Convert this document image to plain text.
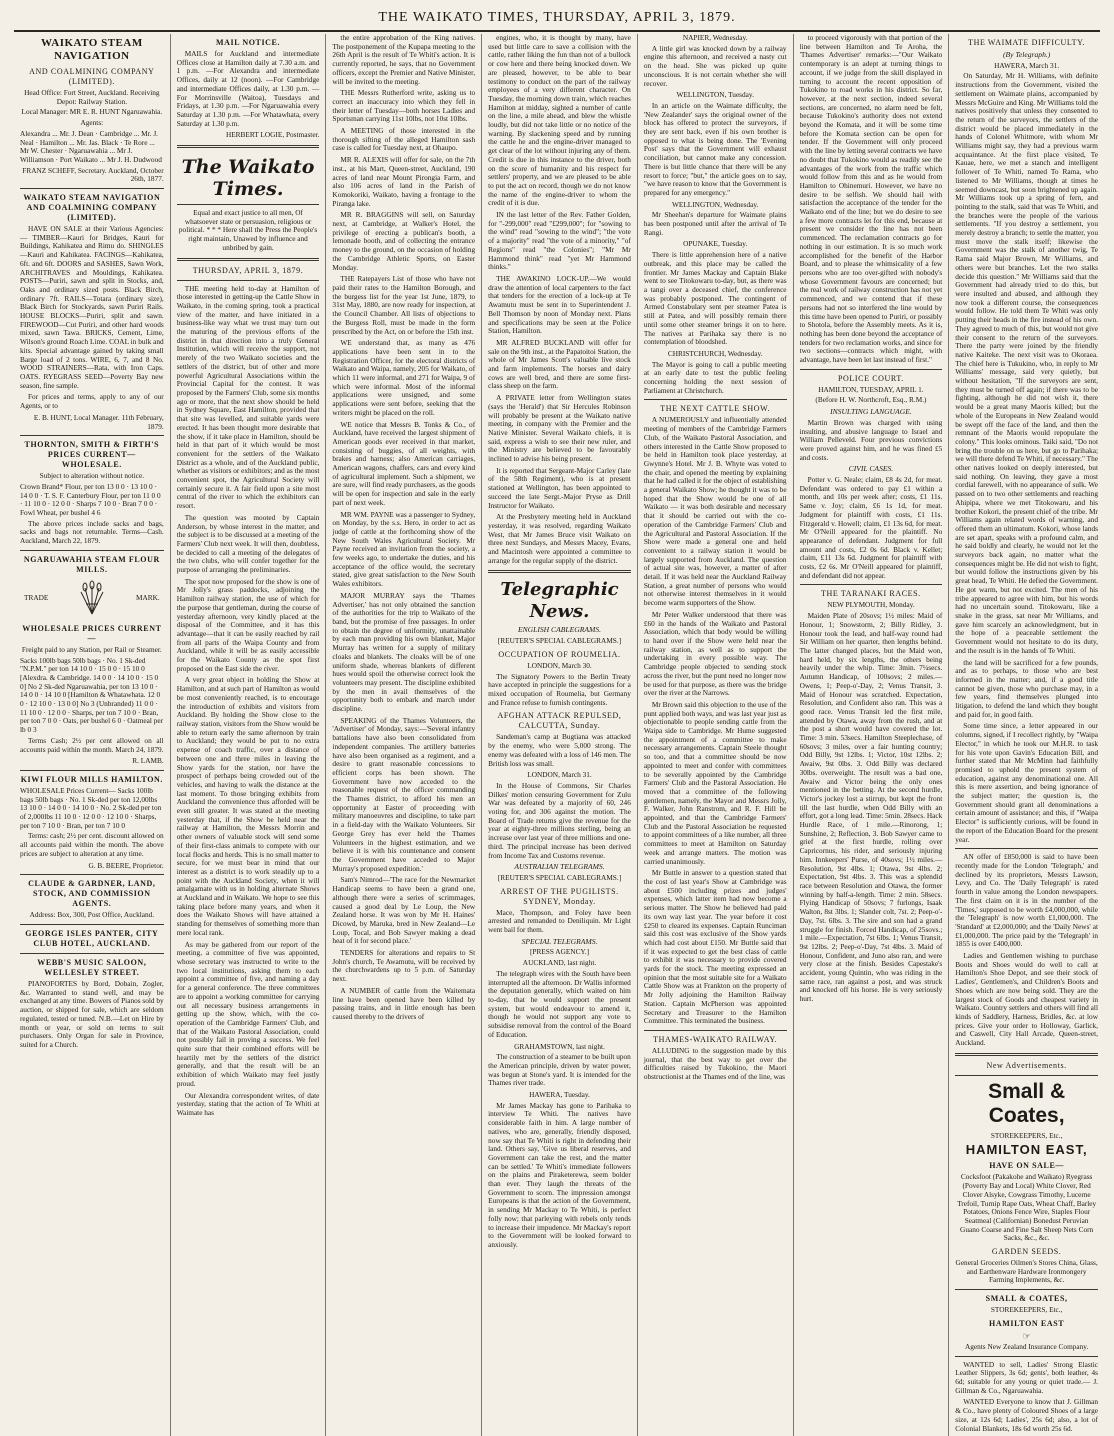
THE WAIKATO TIMES, THURSDAY, APRIL 3, 1879.
WAIKATO STEAM NAVIGATION
AND COALMINING COMPANY (LIMITED).
Head Office: Fort Street, Auckland. Receiving Depot: Railway Station.
Local Manager: MR E. R. HUNT Ngaruawahia.
Agents:
Alexandra ... Mr. J. Dean · Cambridge ... Mr. J. Neal · Hamilton ... Mr. Jas. Black · Te Rore ... Mr W. Chester · Ngaruawahia ... Mr J. Williamson · Port Waikato ... Mr J. H. Dudwood
FRANZ SCHEFF, Secretary. Auckland, October 26th, 1877.
WAIKATO STEAM NAVIGATION AND COALMINING COMPANY (LIMITED).
HAVE ON SALE at their Various Agencies:— TIMBER—Kauri for Bridges, Kauri for Buildings, Kahikatea and Rimu do. SHINGLES—Kauri and Kahikatea. FACINGS—Kahikatea, 6ft. and 6ft. DOORS and SASHES, Sawn Work, ARCHITRAVES and Mouldings, Kahikatea. POSTS—Puriri, sawn and split in Stocks, and, Oaks and ordinary sized posts. Black Birch, ordinary 7ft. RAILS—Totara (ordinary size), Black Birch for Stockyards, sawn Puriri Rails. HOUSE BLOCKS—Puriri, split and sawn. FIREWOOD—Cut Puriri, and other hard woods mixed, sawn Tawa. BRICKS, Cement, Lime, Wilson's ground Roach Lime. COAL in bulk and kits. Special advantage gained by taking small Barge load of 2 tons. WIRE, 6, 7, and 8 No. WOOD STRAINERS—Rata, with Iron Caps. OATS. RYEGRASS SEED—Poverty Bay new season, fine sample.
For prices and terms, apply to any of our Agents, or to
E. B. HUNT, Local Manager. 11th February, 1879.
THORNTON, SMITH & FIRTH'S PRICES CURRENT—WHOLESALE.
Subject to alteration without notice.
Crown Brand* Flour, per ton 13 0 0 · 13 10 0 · 14 0 0 · T. S. F. Canterbury Flour, per ton 11 0 0 · 11 10 0 · 12 0 0 · Sharps 7 10 0 · Bran 7 0 0 · Fowl Wheat, per bushel 4 6
The above prices include sacks and bags, sacks and bags not returnable. Terms—Cash. Auckland, March 22, 1879.
NGARUAWAHIA STEAM FLOUR MILLS.
TRADE	MARK.
WHOLESALE PRICES CURRENT—
Freight paid to any Station, per Rail or Steamer.
Sacks 100lb bags 50lb bags · No. 1 Sk-ded "N.P.M." per ton 14 10 0 · 15 0 0 · 15 10 0 [Alexdra. & Cambridge. 14 0 0 · 14 10 0 · 15 0 0] No 2 Sk-ded Ngaruawahia, per ton 13 10 0 · 14 0 0 · 14 10 0 [Hamilton & Whatawhata. 12 0 0 · 12 10 0 · 13 0 0] No 3 (Unbranded) 11 0 0 · 11 10 0 · 12 0 0 · Sharps, per ton 7 10 0 · Bran, per ton 7 0 0 · Oats, per bushel 6 0 · Oatmeal per lb 0 3
Terms Cash; 2½ per cent allowed on all accounts paid within the month. March 24, 1879.
R. LAMB.
KIWI FLOUR MILLS HAMILTON.
WHOLESALE Prices Current— Sacks 100lb bags 50lb bags · No. 1 Sk-ded per ton 12,00lbs 13 10 0 · 14 0 0 · 14 10 0 · No. 2 Sk-ded per ton of 2,000lbs 11 10 0 · 12 0 0 · 12 10 0 · Sharps, per ton 7 10 0 · Bran, per ton 7 10 0
Terms: cash; 2½ per cent. discount allowed on all accounts paid within the month. The above prices are subject to alteration at any time.
G. B. BEERE, Proprietor.
CLAUDE & GARDNER, LAND, STOCK, AND COMMISSION AGENTS.
Address: Box, 300, Post Office, Auckland.
GEORGE ISLES PANTER, CITY CLUB HOTEL, AUCKLAND.
WEBB'S MUSIC SALOON, WELLESLEY STREET.
PIANOFORTES by Bord, Dobain, Zogler, &c. Warranted to stand well, and may be exchanged at any time. Bowers of Pianos sold by auction, or shipped for sale, which are seldom regulated, tested or tuned. N.B.—Let on Hire by month or year, or sold on terms to suit purchasers. Only Organ for sale in Province, suited for a Church.
MAIL NOTICE.
MAILS for Auckland and intermediate Offices close at Hamilton daily at 7.30 a.m. and 1 p.m. —For Alexandra and intermediate Offices, daily at 12 (noon). —For Cambridge and intermediate Offices daily, at 1.30 p.m. —For Morrinsville (Waitoa), Tuesdays and Fridays, at 1.30 p.m. —For Ngaruawahia every Saturday at 1.30 p.m. —For Whatawhata, every Saturday at 1.30 p.m.
HERBERT LOGIE, Postmaster.
The Waikato Times.
Equal and exact justice to all men, Of whatsoever state or persuasion, religious or political. * * * Here shall the Press the People's right maintain, Unawed by influence and unbribed by gain.
THURSDAY, APRIL 3, 1879.
THE meeting held to-day at Hamilton of those interested in getting-up the Cattle Show in Waikato, in the coming spring, took a practical view of the matter, and have initiated in a business-like way what we trust may turn out the maturing of the previous efforts of the district in that direction into a truly General Institution, which will receive the support, not merely of the two Waikato societies and the settlers of the district, but of other and more powerful Agricultural Associations within the Provincial Capital for the contest. It was proposed by the Farmers' Club, some six months ago or more, that the next show should be held in Sydney Square, East Hamilton, provided that that site was levelled, and suitable yards were erected. It has been thought more desirable that the show, if it take place in Hamilton, should be held in that part of it which would be most convenient for the settlers of the Waikato District as a whole, and of the Auckland public, whether as visitors or exhibitors; and as the most convenient spot, the Agricultural Society will certainly secure it. A fair field upon a site most central of the river to which the exhibitors can resort.
The question was mooted by Captain Anderson, by whose interest in the matter, and the subject is to be discussed at a meeting of the Farmers' Club next week. It will then, doubtless, be decided to call a meeting of the delegates of the two clubs, who will confer together for the purpose of arranging the preliminaries.
The spot now proposed for the show is one of Mr Jolly's grass paddocks, adjoining the Hamilton railway station, the use of which for the purpose that gentleman, during the course of yesterday afternoon, very kindly placed at the disposal of the Committee, and it has this advantage—that it can be easily reached by rail from all parts of the Waipa County and from Auckland, while it will be as easily accessible for the Waikato County as the spot first proposed on the East side the river.
A very great object in holding the Show at Hamilton, and at such part of Hamilton as would be most conveniently reached, is to encourage the introduction of exhibits and visitors from Auckland. By holding the Show close to the railway station, visitors from the Show would be able to return early the same afternoon by train to Auckland; they would be put to no extra expense of coach traffic, over a distance of between one and three miles in leaving the Show yards for the station, nor have the prospect of perhaps being crowded out of the vehicles, and having to walk the distance at the last moment. To those bringing exhibits from Auckland the convenience thus afforded will be even still greater. It was stated at the meeting yesterday that, if the Show be held near the railway at Hamilton, the Messrs Morrin and other owners of valuable stock will send some of their first-class animals to compete with our local flocks and herds. This is no small matter to secure, for we must bear in mind that our interest as a district is to work steadily up to a point with the Auckland Society, when it will amalgamate with us in holding alternate Shows at Auckland and in Waikato. We hope to see this taking place before many years, and when it does the Waikato Shows will have attained a standing for themselves of something more than mere local rank.
As may be gathered from our report of the meeting, a committee of five was appointed, whose secretary was instructed to write to the two local institutions, asking them to each appoint a committee of five, and naming a day for a general conference. The three committees are to appoint a working committee for carrying out all necessary business arrangements in getting up the show, which, with the co-operation of the Cambridge Farmers' Club, and that of the Waikato Pastoral Association, could not possibly fail in proving a success. We feel quite sure that their combined efforts will be heartily met by the settlers of the district generally, and that the result will be an exhibition of which Waikato may feel justly proud.
Our Alexandra correspondent writes, of date yesterday, stating that the action of Te Whiti at Waimate has
the entire approbation of the King natives. The postponement of the Kupapa meeting to the 26th April is the result of Te Whiti's action. It is currently reported, he says, that no Government officers, except the Premier and Native Minister, will be invited to the meeting.
THE Messrs Rutherford write, asking us to correct an inaccuracy into which they fell in their letter of Tuesday—both horses Ladies and Sportsman carrying 11st 10lbs, not 10st 10lbs.
A MEETING of those interested in the thorough sifting of the alleged Hamilton sash case is called for Tuesday next, at Ohaupo.
MR R. ALEXIS will offer for sale, on the 7th inst., at his Mart, Queen-street, Auckland, 190 acres of land near Mount Pirongia Farm, and also 106 acres of land in the Parish of Komokoriki, Waikato, having a frontage to the Piranga lake.
MR R. BRAGGINS will sell, on Saturday next, at Cambridge, at Walker's Hotel, the privilege of erecting a publican's booth, a lemonade booth, and of collecting the entrance money to the ground, on the occasion of holding the Cambridge Athletic Sports, on Easter Monday.
THE Ratepayers List of those who have not paid their rates to the Hamilton Borough, and the burgess list for the year 1st June, 1879, to 31st May, 1880, are now ready for inspection, at the Council Chamber. All lists of objections to the Burgess Roll, must be made in the form prescribed by the Act, on or before the 15th inst.
WE understand that, as many as 476 applications have been sent in to the Registration Officer, for the electoral districts of Waikato and Waipa, namely, 205 for Waikato, of which 11 were informal, and 271 for Waipa, 9 of which were informal. Most of the informal applications were unsigned, and some applications were sent before, seeking that the writers might be placed on the roll.
WE notice that Messrs B. Tonks & Co., of Auckland, have received the largest shipment of American goods ever received in that market, consisting of buggies, of all weights, with brakes and harness; also American carriages, American wagons, chaffers, cars and every kind of agricultural implement. Such a shipment, we are sure, will find ready purchasers, as the goods will be open for inspection and sale in the early part of next week.
MR WM. PAYNE was a passenger to Sydney, on Monday, by the s.s. Hero, in order to act as judge of cattle at the forthcoming show of the New South Wales Agricultural Society. Mr Payne received an invitation from the society, a few weeks ago, to undertake the duties, and his acceptance of the office would, the secretary stated, give great satisfaction to the New South Wales exhibitors.
MAJOR MURRAY says the 'Thames Advertiser,' has not only obtained the sanction of the authorities for the trip to Waikato of the band, but the promise of free passages. In order to obtain the degree of uniformity, unattainable by each man providing his own blanket, Major Murray has written for a supply of military cloaks and blankets. The cloaks will be of one uniform shade, whereas blankets of different hues would spoil the otherwise correct look the volunteers may present. The discipline exhibited by the men in avail themselves of the opportunity both to embark and march under discipline.
SPEAKING of the Thames Volunteers, the 'Advertiser' of Monday, says:—'Several infantry battalions have also been consolidated from independent companies. The artillery batteries have also been organised as a regiment, and a desire to grant reasonable concessions to efficient corps has been shown. The Government have now acceded to the reasonable request of the officer commanding the Thames district, to afford his men an opportunity at Easter of proceeding with military manoeuvres and discipline, to take part in a field-day with the Waikato Volunteers. Sir George Grey has ever held the Thames Volunteers in the highest estimation, and we believe it is with his countenance and consent the Government have acceded to Major Murray's proposed expedition.'
Sam's Nimrod—'The race for the Newmarket Handicap seems to have been a grand one, although there were a series of scrimmages, caused a good deal by Le Loup, the New Zealand horse. It was won by Mr H. Haines' Dicowd, by Maruka, bred in New Zealand—Le Loup, Tocal, and Bob Sawyer making a dead heat of it for second place.'
TENDERS for alterations and repairs to St John's church, Te Awamutu, will be received by the churchwardens up to 5 p.m. of Saturday next.
A NUMBER of cattle from the Waitemata line have been opened have been killed by passing trains, and in little enough has been caused thereby to the drivers of
engines, who, it is thought by many, have used but little care to save a collision with the cattle, rather liking the fun than not of a bullock or cow here and there being knocked down. We are pleased, however, to be able to bear testimony to conduct on the part of the railway employees of a very different character. On Tuesday, the morning down train, which reaches Hamilton at midday, sighted a number of cattle on the line, a mile ahead, and blew the whistle loudly, but did not take little or no notice of the warning. By slackening speed and by running the cattle he and the engine-driver managed to get clear of the lot without injuring any of them. Credit is due in this instance to the driver, both on the score of humanity and his respect for settlers' property, and we are pleased to be able to put the act on record, though we do not know the name of the engine-driver to whom the credit of it is due.
IN the last letter of the Rev. Father Golden, for "-299,000" read "£299,000"; for "sowing to the wind" read "sowing to the wind"; "the vote of a majority" read "the vote of a minority," "of Regions" read "the Colonies"; "Mr Mr Hammond think" read "yet Mr Hammond thinks."
THE AWAKINO LOCK-UP.—We would draw the attention of local carpenters to the fact that tenders for the erection of a lock-up at Te Awamutu must be sent in to Superintendent J. Bell Thomson by noon of Monday next. Plans and specifications may be seen at the Police Station, Hamilton.
MR ALFRED BUCKLAND will offer for sale on the 9th inst., at the Papatoitoi Station, the whole of Mr James Scott's valuable live stock and farm implements. The horses and dairy cows are well bred, and there are some first-class sheep on the farm.
A PRIVATE letter from Wellington states (says the 'Herald') that Sir Hercules Robinson will probably be present at the Waikato native meeting, in company with the Premier and the Native Minister. Several Waikato chiefs, it is said, express a wish to see their new ruler, and the Ministry are believed to be favourably inclined to advise his being present.
It is reported that Sergeant-Major Carley (late of the 58th Regiment), who is at present stationed at Wellington, has been appointed to succeed the late Sergt.-Major Pryse as Drill Instructor for Waikato.
At the Presbytery meeting held in Auckland yesterday, it was resolved, regarding Waikato West, that Mr James Bruce visit Waikato on three next Sundays, and Messrs Macey, Evans, and Macintosh were appointed a committee to arrange for the regular supply of the district.
Telegraphic News.
ENGLISH CABLEGRAMS.
[REUTER'S SPECIAL CABLEGRAMS.]
OCCUPATION OF ROUMELIA.
LONDON, March 30.
The Signatory Powers to the Berlin Treaty have accepted in principle the suggestions for a mixed occupation of Roumelia, but Germany and France refuse to furnish contingents.
AFGHAN ATTACK REPULSED, CALCUTTA, Sunday.
Sandeman's camp at Bugtiana was attacked by the enemy, who were 5,000 strong. The enemy was defeated with a loss of 146 men. The British loss was small.
LONDON, March 31.
In the House of Commons, Sir Charles Dilkes' motion censuring Government for Zulu War was defeated by a majority of 60, 246 voting for, and 306 against the motion. The Board of Trade returns give the revenue for the year at eighty-three millions sterling, being an increase over last year of three millions and one-third. The principal increase has been derived from Income Tax and Customs revenue.
AUSTRALIAN TELEGRAMS.
[REUTER'S SPECIAL CABLEGRAMS.]
ARREST OF THE PUGILISTS. SYDNEY, Monday.
Mace, Thompson, and Foley have been arrested and remanded to Deniliquin. Mr Light went bail for them.
SPECIAL TELEGRAMS.
[PRESS AGENCY.]
AUCKLAND, last night.
The telegraph wires with the South have been interrupted all the afternoon. Dr Wallis informed the deputation generally, which waited on him to-day, that he would support the present system, but would endeavour to amend it, though he would not support any vote to subsidise removal from the control of the Board of Education.
GRAHAMSTOWN, last night.
The construction of a steamer to be built upon the American principle, driven by water power, was begun at Stone's yard. It is intended for the Thames river trade.
HAWERA, Tuesday.
Mr James Mackay has gone to Parihaka to interview Te Whiti. The natives have considerable faith in him. A large number of natives, who are, generally, friendly disposed, now say that Te Whiti is right in defending their land. Others say, 'Give us liberal reserves, and Government can take the rest, and the matter can be settled.' Te Whiti's immediate followers on the plains and Piraketerewa, seem bolder than ever. They laugh the threats of the Government to scorn. The impression amongst Europeans is that the action of the Government, in sending Mr Mackay to Te Whiti, is perfect folly now; that parleying with rebels only tends to increase their impudence. Mr Mackay's report to the Government will be looked forward to anxiously.
NAPIER, Wednesday.
A little girl was knocked down by a railway engine this afternoon, and received a nasty cut on the head. She was picked up quite unconscious. It is not certain whether she will recover.
WELLINGTON, Tuesday.
In an article on the Waimate difficulty, the 'New Zealander' says the original owner of the block has offered to protect the surveyors, if they are sent back, even if his own brother is opposed to what is being done. The 'Evening Post' says that the Government will exhaust conciliation, but cannot make any concession. There is but little chance that there will be any resort to force; "but," the article goes on to say, "we have reason to know that the Government is prepared for any emergency."
WELLINGTON, Wednesday.
Mr Sheehan's departure for Waimate plains has been postponed until after the arrival of Te Rangi.
OPUNAKE, Tuesday.
There is little apprehension here of a native outbreak, and this place may be called the frontier. Mr James Mackay and Captain Blake went to see Titokowaru to-day, but, as there was a tangi over a deceased chief, the conference was probably postponed. The contingent of Armed Constabulary sent per steamer Patea is still at Patea, and will possibly remain there until some other steamer brings it on to here. The natives at Parihaka say there is no contemplation of bloodshed.
CHRISTCHURCH, Wednesday.
The Mayor is going to call a public meeting at an early date to test the public feeling concerning holding the next session of Parliament at Christchurch.
THE NEXT CATTLE SHOW.
A NUMEROUSLY and influentially attended meeting of members of the Cambridge Farmers Club, of the Waikato Pastoral Association, and others interested in the Cattle Show proposed to be held in Hamilton took place yesterday, at Gwynne's Hotel. Mr J. B. Whyte was voted to the chair, and opened the meeting by explaining that he had called it for the object of establishing a general Waikato Show; he thought it was to be hoped that the Show would be one of all Waikato — it was both desirable and necessary that it should be carried out with the co-operation of the Cambridge Farmers' Club and the Agricultural and Pastoral Association. If the Show were made a general one and held convenient to a railway station it would be largely supported from Auckland. The question of actual site was, however, a matter of after detail. If it was held near the Auckland Railway Station, a great number of persons who would not otherwise interest themselves in it would become warm supporters of the Show.
Mr Peter Walker understood that there was £60 in the hands of the Waikato and Pastoral Association, which that body would be willing to hand over if the Show were held near the railway station, as well as to support the undertaking in every possible way. The Cambridge people objected to sending stock across the river, but the punt need no longer now be used for that purpose, as there was the bridge over the river at the Narrows.
Mr Brown said this objection to the use of the punt applied both ways, and was last year just as objectionable to people sending cattle from the Waipa side to Cambridge. Mr Hume suggested the appointment of a committee to make necessary arrangements. Captain Steele thought so too, and that a committee should be now appointed to meet and confer with committees to be severally appointed by the Cambridge Farmers' Club and the Pastoral Association. He moved that a committee of the following gentlemen, namely, the Mayor and Messrs Jolly, F. Walker, John Ranstrom, and R. F. Hill be appointed, and that the Cambridge Farmers' Club and the Pastoral Association be requested to appoint committees of a like number, all three committees to meet at Hamilton on Saturday week and arrange matters. The motion was carried unanimously.
Mr Buttle in answer to a question stated that the cost of last year's Show at Cambridge was about £500 including prizes and judges' expenses, which latter item had now become a serious matter. The Show he believed had paid its own way last year. The year before it cost £250 to cleared its expenses. Captain Runciman said this cost was exclusive of the Show yards which had cost about £150. Mr Buttle said that if it was expected to get the best class of cattle to exhibit it was necessary to provide covered yards for the stock. The meeting expressed an opinion that the most suitable site for a Waikato Cattle Show was at Frankton on the property of Mr Jolly adjoining the Hamilton Railway Station. Captain McPherson was appointed Secretary and Treasurer to the Hamilton Committee. This terminated the business.
THAMES-WAIKATO RAILWAY.
ALLUDING to the suggestion made by this journal, that the best way to get over the difficulties raised by Tukokino, the Maori obstructionist at the Thames end of the line, was
to proceed vigorously with that portion of the line between Hamilton and Te Aroha, the 'Thames Advertiser' remarks:—"Our Waikato contemporary is an adept at turning things to account, if we judge from the skill displayed in turning to account the recent opposition of Tukokino to road works in his district. So far, however, at the next section, indeed several sections, are concerned, no alarm need be felt, because Tukokino's authority does not extend beyond the Komata, and it will be some time before the Komata section can be open for tender. If the Government will only proceed with the line by letting several contracts we have no doubt that Tukokino would as readily see the advantages of the work from the traffic which would follow from this and as he would from Hamilton to Ohinemuri. However, we have no desire to be selfish. We should hail with satisfaction the acceptance of the tender for the Waikato end of the line; but we do desire to see a few more contracts let for this end, because at present we consider the line has not been commenced. The reclamation contracts go for nothing in our estimation. It is so much work accomplished for the benefit of the Harbor Board, and to please the whimsicality of a few persons who are too over-gifted with nobody's whose Government favours are concerned; but the real work of railway construction has not yet commenced, and we contend that if these persons had not so interfered the line would by this time have been opened to Puriri, or possibly to Shotola, before the Assembly meets. As it is, nothing has been done beyond the acceptance of tenders for two reclamation works, and since for two sections—contracts which might, with advantage, have been let last instead of first."
POLICE COURT.
HAMILTON, TUESDAY, APRIL 1.
(Before H. W. Northcroft, Esq., R.M.)
INSULTING LANGUAGE.
Martin Brown was charged with using insulting, and abusive language to Israel and William Pelleveld. Four previous convictions were proved against him, and he was fined £5 and costs.
CIVIL CASES.
Potter v. G. Neale; claim, £8 4s 2d, for meat. Defendant was ordered to pay £1 within a month, and 10s per week after; costs, £1 11s. Same v. Joy; claim, £6 1s 1d, for meat. Judgment for plaintiff with costs, £1 11s. Fitzgerald v. Howell; claim, £1 13s 6d, for meat. Mr O'Neill appeared for the plaintiff. No appearance of defendant. Judgment for full amount and costs, £2 0s 6d. Black v. Kellet; claim, £11 13s 6d. Judgment for plaintiff with costs, £2 6s. Mr O'Neill appeared for plaintiff, and defendant did not appear.
THE TARANAKI RACES.
NEW PLYMOUTH, Monday.
Maiden Plate of 20sovs; 1½ miles: Maid of Honour, 1; Snowstorm, 2; Billy Ridley, 3. Honour took the lead, and half-way round had Sir William on her quarter, then lengths behind. The latter changed places, but the Maid won, hard held, by six lengths, the others being heavily under the whip. Time: 3min. 7¼secs. Autumn Handicap, of 100sovs; 2 miles.—Owens, 1; Peep-o'-Day, 2; Venus Transit, 3. Maid of Honour was scratched. Expectation, Resolution, and Confident also ran. This was a good race. Venus Transit led the first mile, attended by Otawa, away from the rush, and at the post a short would have covered the lot. Time: 3 min. 53secs. Hamilton Steeplechase, of 60sovs; 3 miles, over a fair hunting country; Odd Billy, 9st 12lbs. 1; Victor, 10st 12lbs. 2; Awaiw, 9st 0lbs. 3. Odd Billy was declared 30lbs. overweight. The result was a bad one, Awaiw and Victor being the only ones mentioned in the betting. At the second hurdle, Victor's jockey lost a stirrup, but kept the front till the last hurdle, when Odd Billy with an effort, got a long lead. Time: 5min. 28secs. Hack Hurdle Race, of 1 mile.—Rinorong, 1; Sunshine, 2; Reflection, 3. Bob Sawyer came to grief at the first hurdle, rolling over Capricornus, his rider, and seriously injuring him. Innkeepers' Purse, of 40sovs; 1½ miles.—Resolution, 9st 4lbs. 1; Otawa, 9st 4lbs. 2; Expectation, 9st 4lbs. 3. This was a splendid race between Resolution and Otawa, the former winning by half-a-length. Time: 2 min. 58secs. Flying Handicap of 50sovs; 7 furlongs, Isaak Walton, 8st 3lbs. 1; Slander colt, 7st. 2; Peep-o'-Day, 7st. 6lbs. 3. The sire and son had a grand struggle for finish. Forced Handicap, of 25sovs.; 1 mile.—Expectation, 7st 6lbs. 1; Venus Transit, 9st 12lbs. 2; Peep-o'-Day, 7st 4lbs. 3. Maid of Honour, Confident, and Juno also ran, and were very close at the finish. Besides Capestake's accident, young Quintin, who was riding in the same race, ran against a post, and was struck and knocked off his horse. He is very seriously hurt.
THE WAIMATE DIFFICULTY.
(By Telegraph.)
HAWERA, March 31.
On Saturday, Mr H. Williams, with definite instructions from the Government, visited the settlement on Waimate plains, accompanied by Messrs McGuire and King. Mr Williams told the natives positively that unless they consented to the return of the surveyors, the settlers of the district would be placed immediately in the hands of Colonel Whitmore, with whom Mr Williams might say, they had a previous warm acquaintance. At the first place visited, Te Kauae, here, we met a stanch and intelligent follower of Te Whiti, named To Rama, who listened to Mr Williams, though at times he seemed downcast, but soon brightened up again. Mr Williams took up a spring of fern, and pointing to the stalk, said that was Te Whiti, and the branches were the people of the various settlements. "If you destroy a settlement, you merely destroy a branch; to settle the matter, you must move the stalk itself; likewise the Government was the stalk of another twig, Te Rama said Major Brown, Mr Williams, and others were but branches. Let the two stalks decide this question." Mr Williams said that the Government had already tried to do this, but were insulted and abused, and although they now took a different course, the consequences would follow. He told them Te Whiti was only putting their heads in the fire instead of his own. They agreed to much of this, but would not give their consent to the return of the surveyors. There the party were joined by the friendly native Kaiteke. The next visit was to Okoraea. The chief here is Tukukino, who, in reply to Mr Williams' message, said very quietly, but without hesitation, "If the surveyors are sent, they must be turned off again; if there was to be fighting, although he did not wish it, there would be a great many Maoris killed; but the whole of the Europeans in New Zealand would be swept off the face of the land, and then the remnant of the Maoris would repopulate the colony." This looks ominous. Taiki said, "Do not bring the trouble on us here, but go to Parihaka; we will there defend Te Whiti, if necessary." The other natives looked on deeply interested, but said nothing. On leaving, they gave a most cordial farewell, with no appearance of sulk. We passed on to two other settlements and reaching Ahipipa, where we met Titokowaru, and his brother Kokori, the present chief of the tribe. Mr Williams again related words of warning, and offered them an ultimatum. Kokori, whose lands are set apart, speaks with a profound calm, and he said boldly and clearly, he would not let the surveyors back again, no matter what the consequences might be. He did not wish to fight, but would follow the instructions given by his great head, Te Whiti. He defied the Government. He got warm, but not excited. The men of his tribe appeared to agree with him, but his words had no uncertain sound. Titokowaru, like a snake in the grass, sat near Mr Williams, and gave him scarcely an acknowledgment, but in the hope of a peaceable settlement the Government would not hesitate to do its duty, and the result is in the hands of Te Whiti.
the land will be sacrificed for a few pounds, and as to perhaps, to those who are best informed in the matter; and, if a good title cannot be given, those who purchase may, in a few years, find themselves plunged into litigation, to defend the land which they bought and paid for, in good faith.
Some time since, a letter appeared in our columns, signed, if I recollect rightly, by "Waipa Elector," in which he took our M.H.R. to task for his vote upon Gavin's Education Bill, and further stated that Mr McMinn had faithfully promised to uphold the present system of education, against any denominational one. All this is mere assertion, and being ignorance of the subject matter; the question is, the Government should grant all denominations a certain amount of assistance; and this, if "Waipa Elector" is sufficiently curious, will be found in the report of the Education Board for the present year.
AN offer of £850,000 is said to have been recently made for the London 'Telegraph,' and declined by its proprietors, Messrs Lawson, Levy, and Co. The 'Daily Telegraph' is rated fourth in value among the London newspapers. The first claim on it is in the number of the 'Times,' supposed to be worth £4,000,000, while the 'Telegraph' is now worth £1,000,000. The 'Standard' at £2,000,000; and the 'Daily News' at £1,000,000. The price paid by the 'Telegraph' in 1855 is over £400,000.
Ladies and Gentlemen wishing to purchase Boots and Shoes would do well to call at Hamilton's Shoe Depot, and see their stock of Ladies', Gentlemen's, and Children's Boots and Shoes which are now being sold. They are the largest stock of Goods and cheapest variety in Waikato. Country settlers and others will find all kinds of Saddlery, Harness, Bridles, &c. at low prices. Give your order to Holloway, Garlick, and Caswell, City Hall Arcade, Queen-street, Auckland.
New Advertisements.
Small & Coates,
STOREKEEPERS, Etc.,
HAMILTON EAST,
HAVE ON SALE—
Cocksfoot (Pakakohe and Waikato) Ryegrass (Poverty Bay and Local) White Clover, Red Clover Alsyke, Cowgrass Timothy, Lucerne Trefoil, Turnip Rape Oats, Wheat Chaff, Barley Potatoes, Onions Fence Wire, Staples Flour Seatmeal (Californian) Bonedust Peruvian Guano Coarse and Fine Salt Sheep Nets Corn Sacks, &c., &c.
GARDEN SEEDS.
General Groceries Oilmen's Stores China, Glass, and Earthenware Hardware Ironmongery Farming Implements, &c.
SMALL & COATES,
STOREKEEPERS, Etc.,
HAMILTON EAST
☞
Agents New Zealand Insurance Company.
WANTED to sell, Ladies' Strong Elastic Leather Slippers, 3s 6d; gents', both leather, 4s 6d; suitable for any young or quiet trade.— J. Gillman & Co., Ngaruawahia.
WANTED Everyone to know that J. Gillman & Co., have plenty of Coloured Shoes of a large size, at 12s 6d; Ladies', 25s 6d; also, a lot of Colonial Blankets, 18s 6d worth 25s 6d.
